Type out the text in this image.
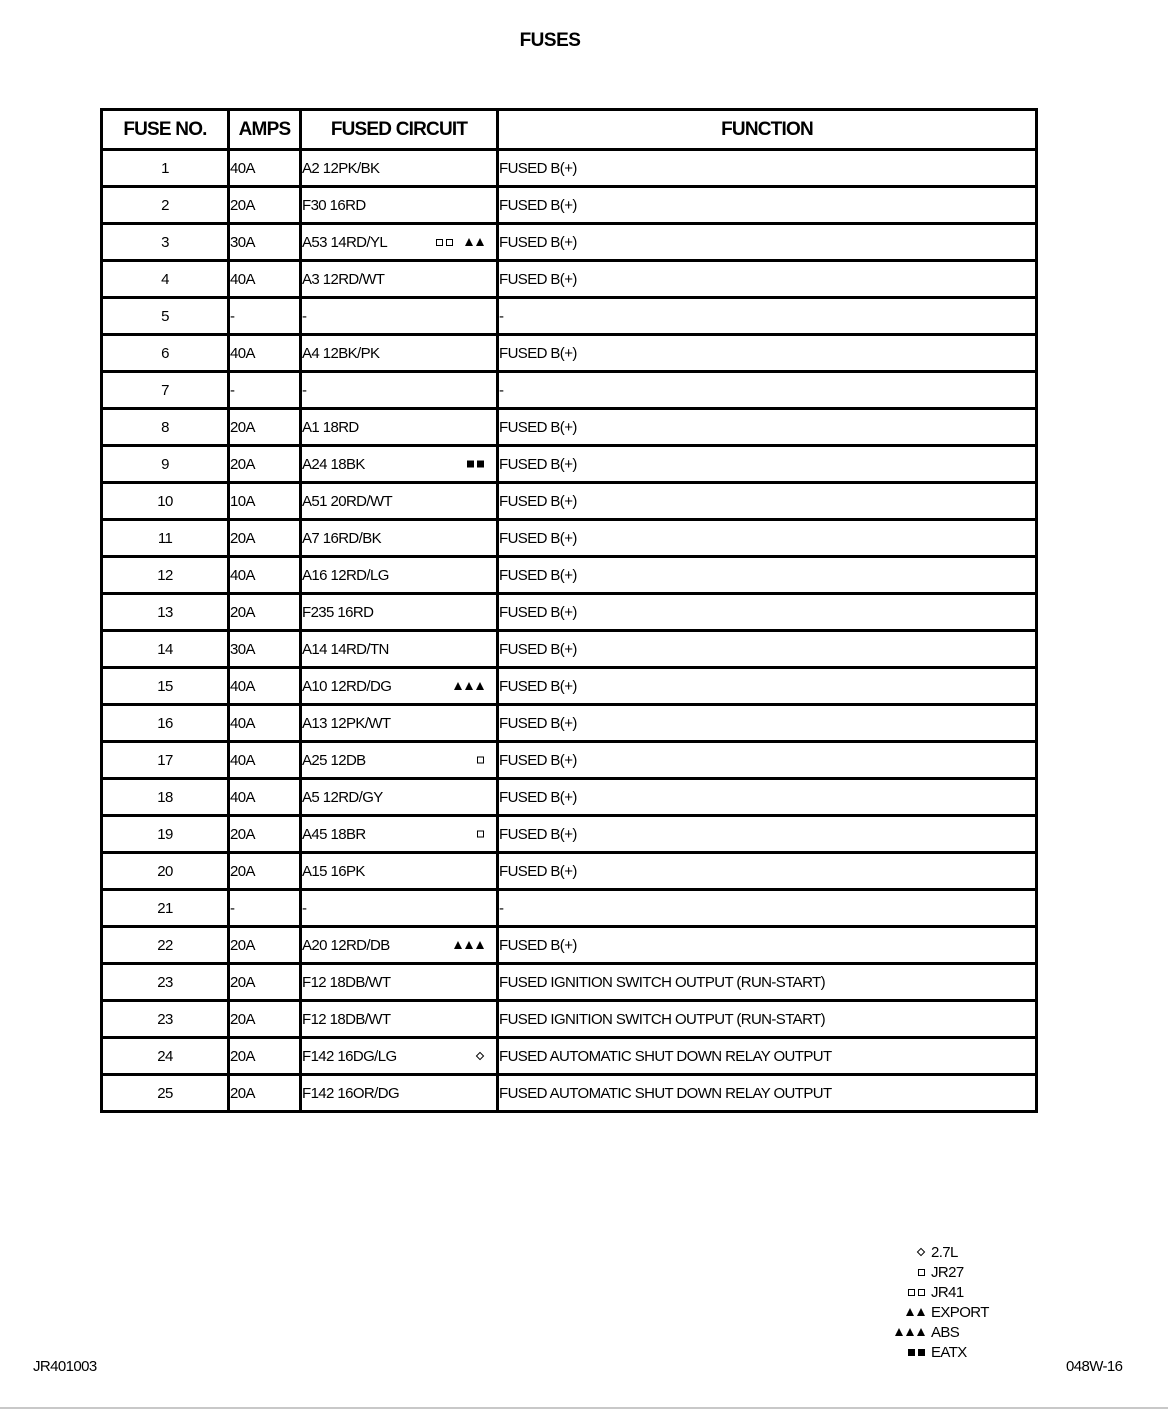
FUSES
FUSE NO.	AMPS	FUSED CIRCUIT	FUNCTION
1	40A	A2 12PK/BK	FUSED B(+)
2	20A	F30 16RD	FUSED B(+)
3	30A	A53 14RD/YL	FUSED B(+)
4	40A	A3 12RD/WT	FUSED B(+)
5	-	-	-
6	40A	A4 12BK/PK	FUSED B(+)
7	-	-	-
8	20A	A1 18RD	FUSED B(+)
9	20A	A24 18BK	FUSED B(+)
10	10A	A51 20RD/WT	FUSED B(+)
11	20A	A7 16RD/BK	FUSED B(+)
12	40A	A16 12RD/LG	FUSED B(+)
13	20A	F235 16RD	FUSED B(+)
14	30A	A14 14RD/TN	FUSED B(+)
15	40A	A10 12RD/DG	FUSED B(+)
16	40A	A13 12PK/WT	FUSED B(+)
17	40A	A25 12DB	FUSED B(+)
18	40A	A5 12RD/GY	FUSED B(+)
19	20A	A45 18BR	FUSED B(+)
20	20A	A15 16PK	FUSED B(+)
21	-	-	-
22	20A	A20 12RD/DB	FUSED B(+)
23	20A	F12 18DB/WT	FUSED IGNITION SWITCH OUTPUT (RUN-START)
23	20A	F12 18DB/WT	FUSED IGNITION SWITCH OUTPUT (RUN-START)
24	20A	F142 16DG/LG	FUSED AUTOMATIC SHUT DOWN RELAY OUTPUT
25	20A	F142 16OR/DG	FUSED AUTOMATIC SHUT DOWN RELAY OUTPUT
2.7L
JR27
JR41
EXPORT
ABS
EATX
JR401003	048W-16
